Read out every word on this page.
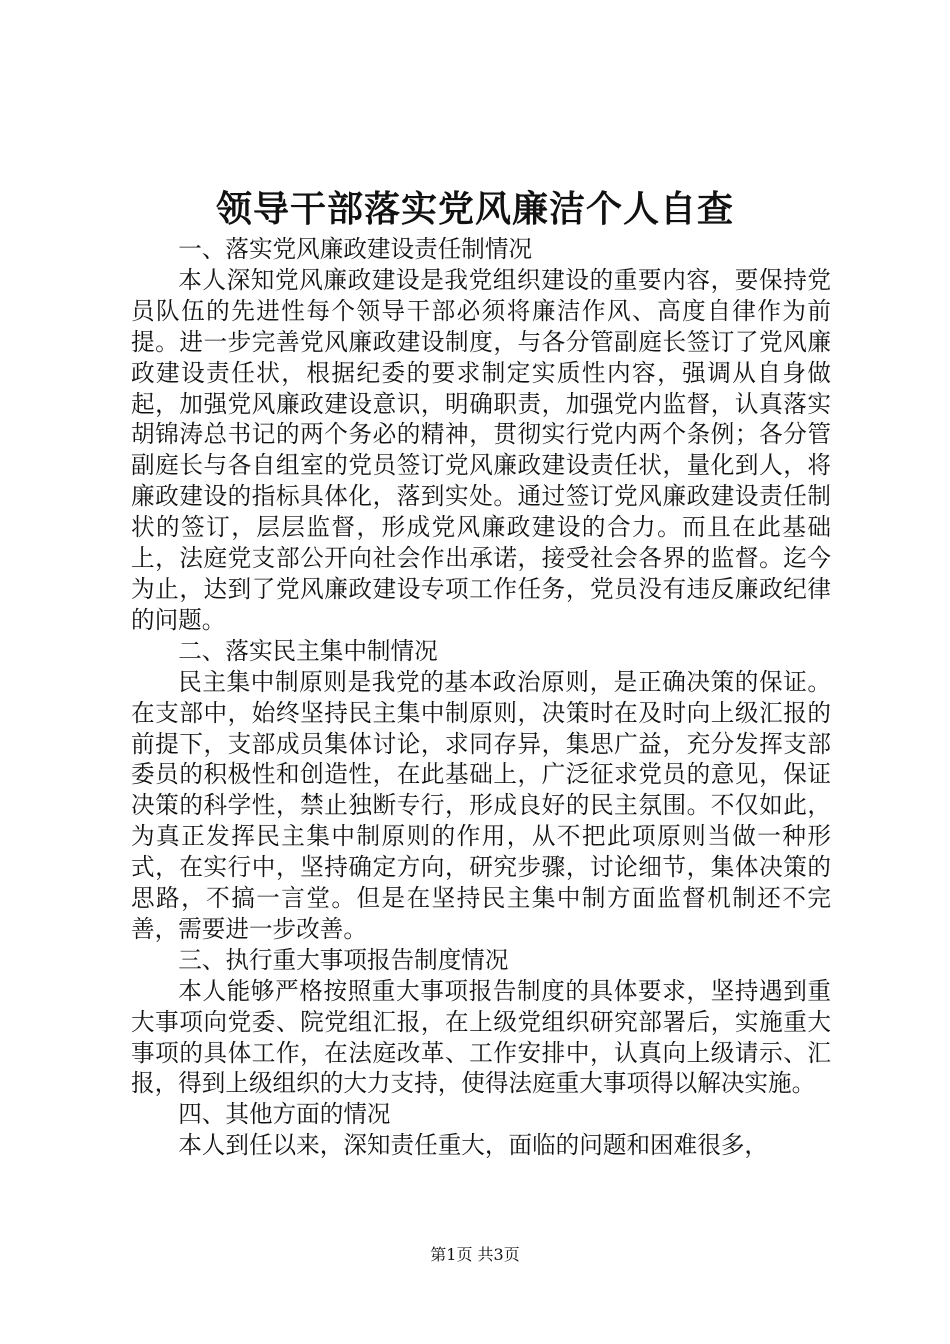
领导干部落实党风廉洁个人自查

一、落实党风廉政建设责任制情况

本人深知党风廉政建设是我党组织建设的重要内容，要保持党员队伍的先进性每个领导干部必须将廉洁作风、高度自律作为前提。进一步完善党风廉政建设制度，与各分管副庭长签订了党风廉政建设责任状，根据纪委的要求制定实质性内容，强调从自身做起，加强党风廉政建设意识，明确职责，加强党内监督，认真落实胡锦涛总书记的两个务必的精神，贯彻实行党内两个条例；各分管副庭长与各自组室的党员签订党风廉政建设责任状，量化到人，将廉政建设的指标具体化，落到实处。通过签订党风廉政建设责任制状的签订，层层监督，形成党风廉政建设的合力。而且在此基础上，法庭党支部公开向社会作出承诺，接受社会各界的监督。迄今为止，达到了党风廉政建设专项工作任务，党员没有违反廉政纪律的问题。

二、落实民主集中制情况

民主集中制原则是我党的基本政治原则，是正确决策的保证。在支部中，始终坚持民主集中制原则，决策时在及时向上级汇报的前提下，支部成员集体讨论，求同存异，集思广益，充分发挥支部委员的积极性和创造性，在此基础上，广泛征求党员的意见，保证决策的科学性，禁止独断专行，形成良好的民主氛围。不仅如此，为真正发挥民主集中制原则的作用，从不把此项原则当做一种形式，在实行中，坚持确定方向，研究步骤，讨论细节，集体决策的思路，不搞一言堂。但是在坚持民主集中制方面监督机制还不完善，需要进一步改善。

三、执行重大事项报告制度情况

本人能够严格按照重大事项报告制度的具体要求，坚持遇到重大事项向党委、院党组汇报，在上级党组织研究部署后，实施重大事项的具体工作，在法庭改革、工作安排中，认真向上级请示、汇报，得到上级组织的大力支持，使得法庭重大事项得以解决实施。

四、其他方面的情况

本人到任以来，深知责任重大，面临的问题和困难很多，

第1页 共3页
